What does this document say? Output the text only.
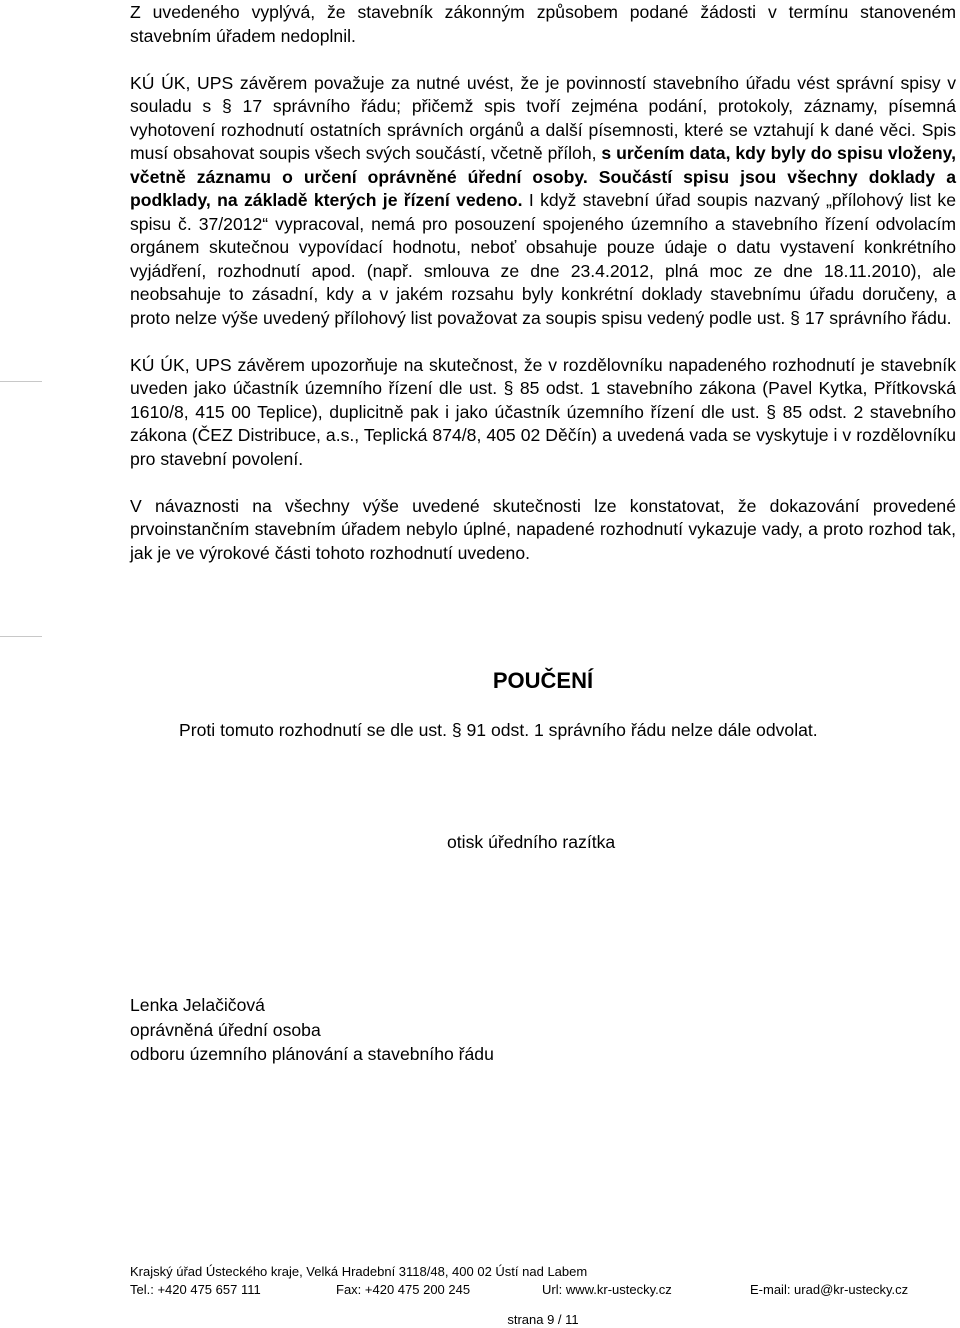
Z uvedeného vyplývá, že stavebník zákonným způsobem podané žádosti v termínu stanoveném stavebním úřadem nedoplnil.

KÚ ÚK, UPS závěrem považuje za nutné uvést, že je povinností stavebního úřadu vést správní spisy v souladu s § 17 správního řádu; přičemž spis tvoří zejména podání, protokoly, záznamy, písemná vyhotovení rozhodnutí ostatních správních orgánů a další písemnosti, které se vztahují k dané věci. Spis musí obsahovat soupis všech svých součástí, včetně příloh, s určením data, kdy byly do spisu vloženy, včetně záznamu o určení oprávněné úřední osoby. Součástí spisu jsou všechny doklady a podklady, na základě kterých je řízení vedeno. I když stavební úřad soupis nazvaný „přílohový list ke spisu č. 37/2012“ vypracoval, nemá pro posouzení spojeného územního a stavebního řízení odvolacím orgánem skutečnou vypovídací hodnotu, neboť obsahuje pouze údaje o datu vystavení konkrétního vyjádření, rozhodnutí apod. (např. smlouva ze dne 23.4.2012, plná moc ze dne 18.11.2010), ale neobsahuje to zásadní, kdy a v jakém rozsahu byly konkrétní doklady stavebnímu úřadu doručeny, a proto nelze výše uvedený přílohový list považovat za soupis spisu vedený podle ust. § 17 správního řádu.

KÚ ÚK, UPS závěrem upozorňuje na skutečnost, že v rozdělovníku napadeného rozhodnutí je stavebník uveden jako účastník územního řízení dle ust. § 85 odst. 1 stavebního zákona (Pavel Kytka, Přítkovská 1610/8, 415 00 Teplice), duplicitně pak i jako účastník územního řízení dle ust. § 85 odst. 2 stavebního zákona (ČEZ Distribuce, a.s., Teplická 874/8, 405 02 Děčín) a uvedená vada se vyskytuje i v rozdělovníku pro stavební povolení.

V návaznosti na všechny výše uvedené skutečnosti lze konstatovat, že dokazování provedené prvoinstančním stavebním úřadem nebylo úplné, napadené rozhodnutí vykazuje vady, a proto rozhod tak, jak je ve výrokové části tohoto rozhodnutí uvedeno.

POUČENÍ
Proti tomuto rozhodnutí se dle ust. § 91 odst. 1 správního řádu nelze dále odvolat.
otisk úředního razítka
Lenka Jelačičová
oprávněná úřední osoba
odboru územního plánování a stavebního řádu
Krajský úřad Ústeckého kraje, Velká Hradební 3118/48, 400 02 Ústí nad Labem
Tel.: +420 475 657 111	Fax: +420 475 200 245	Url: www.kr-ustecky.cz	E-mail: urad@kr-ustecky.cz
strana 9 / 11
